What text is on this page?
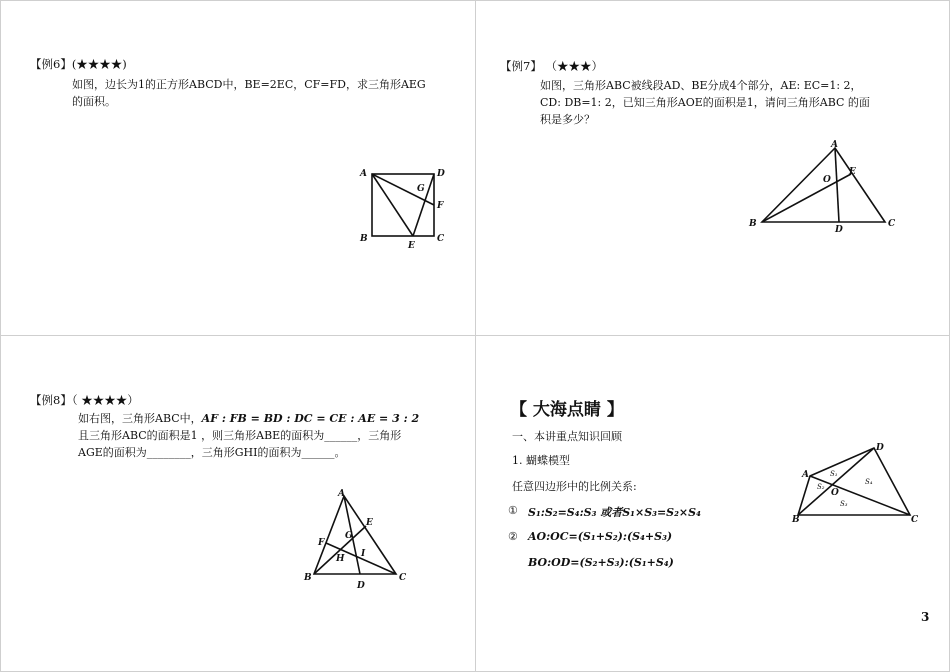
【例6】(★★★★)
如图，边长为1的正方形ABCD中，BE=2EC，CF=FD，求三角形AEG
的面积。
A	D
B	C
E
F
G
【例7】 （★★★）
如图，三角形ABC被线段AD、BE分成4个部分，AE: EC=1: 2，
CD: DB=1: 2，已知三角形AOE的面积是1，请问三角形ABC 的面
积是多少？
A
B	C
D
E
O
【例8】（ ★★★★）
如右图，三角形ABC中，AF : FB = BD : DC = CE : AE = 3 : 2
且三角形ABC的面积是1 ，则三角形ABE的面积为______，三角形
AGE的面积为________，三角形GHI的面积为______。
A
B	C
D
E
F
G
H I
【 大海点睛 】
一、本讲重点知识回顾
1. 蝴蝶模型
任意四边形中的比例关系:
① S₁:S₂=S₄:S₃ 或者S₁×S₃=S₂×S₄
② AO:OC=(S₁+S₂):(S₄+S₃)
BO:OD=(S₂+S₃):(S₁+S₄)
A
B	C
D
O
S₁
S₂
S₃
S₄
3
